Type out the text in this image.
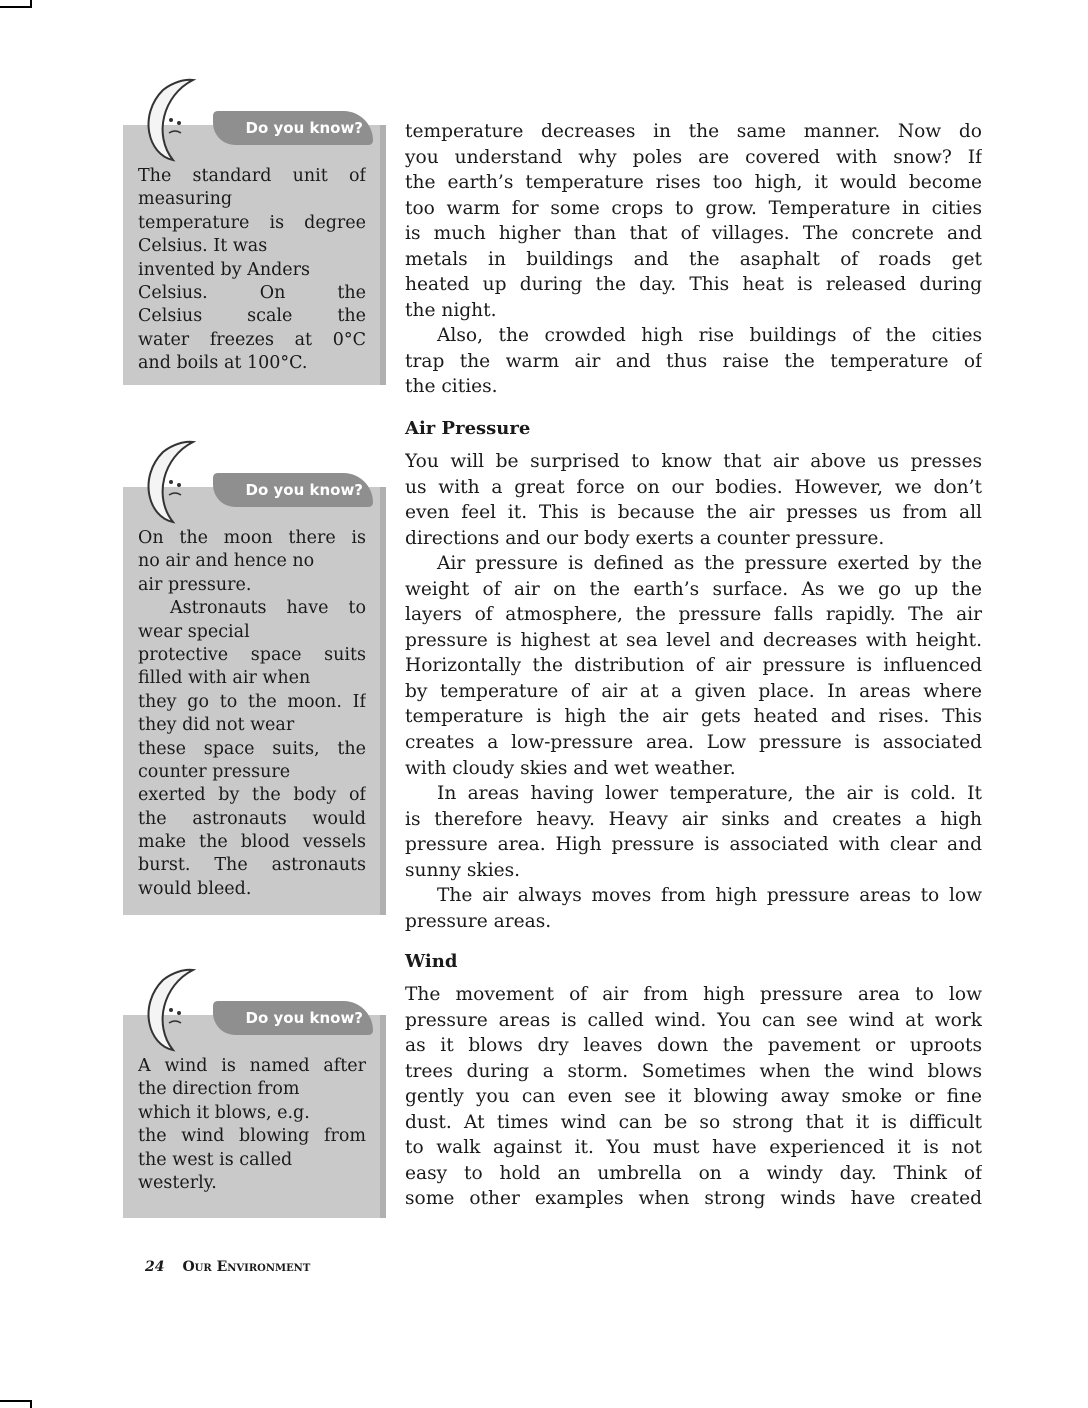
Do you know?
The standard unit of
measuring
temperature is degree
Celsius. It was
invented by Anders
Celsius. On the
Celsius scale the
water freezes at 0°C
and boils at 100°C.
Do you know?
On the moon there is
no air and hence no
air pressure.
Astronauts have to
wear special
protective space suits
filled with air when
they go to the moon. If
they did not wear
these space suits, the
counter pressure
exerted by the body of
the astronauts would
make the blood vessels
burst. The astronauts
would bleed.
Do you know?
A wind is named after
the direction from
which it blows, e.g.
the wind blowing from
the west is called
westerly.
temperature decreases in the same manner. Now do
you understand why poles are covered with snow? If
the earth’s temperature rises too high, it would become
too warm for some crops to grow. Temperature in cities
is much higher than that of villages. The concrete and
metals in buildings and the asaphalt of roads get
heated up during the day. This heat is released during
the night.
Also, the crowded high rise buildings of the cities
trap the warm air and thus raise the temperature of
the cities.
Air Pressure
You will be surprised to know that air above us presses
us with a great force on our bodies. However, we don’t
even feel it. This is because the air presses us from all
directions and our body exerts a counter pressure.
Air pressure is defined as the pressure exerted by the
weight of air on the earth’s surface. As we go up the
layers of atmosphere, the pressure falls rapidly. The air
pressure is highest at sea level and decreases with height.
Horizontally the distribution of air pressure is influenced
by temperature of air at a given place. In areas where
temperature is high the air gets heated and rises. This
creates a low-pressure area. Low pressure is associated
with cloudy skies and wet weather.
In areas having lower temperature, the air is cold. It
is therefore heavy. Heavy air sinks and creates a high
pressure area. High pressure is associated with clear and
sunny skies.
The air always moves from high pressure areas to low
pressure areas.
Wind
The movement of air from high pressure area to low
pressure areas is called wind. You can see wind at work
as it blows dry leaves down the pavement or uproots
trees during a storm. Sometimes when the wind blows
gently you can even see it blowing away smoke or fine
dust. At times wind can be so strong that it is difficult
to walk against it. You must have experienced it is not
easy to hold an umbrella on a windy day. Think of
some other examples when strong winds have created
24 Our Environment
